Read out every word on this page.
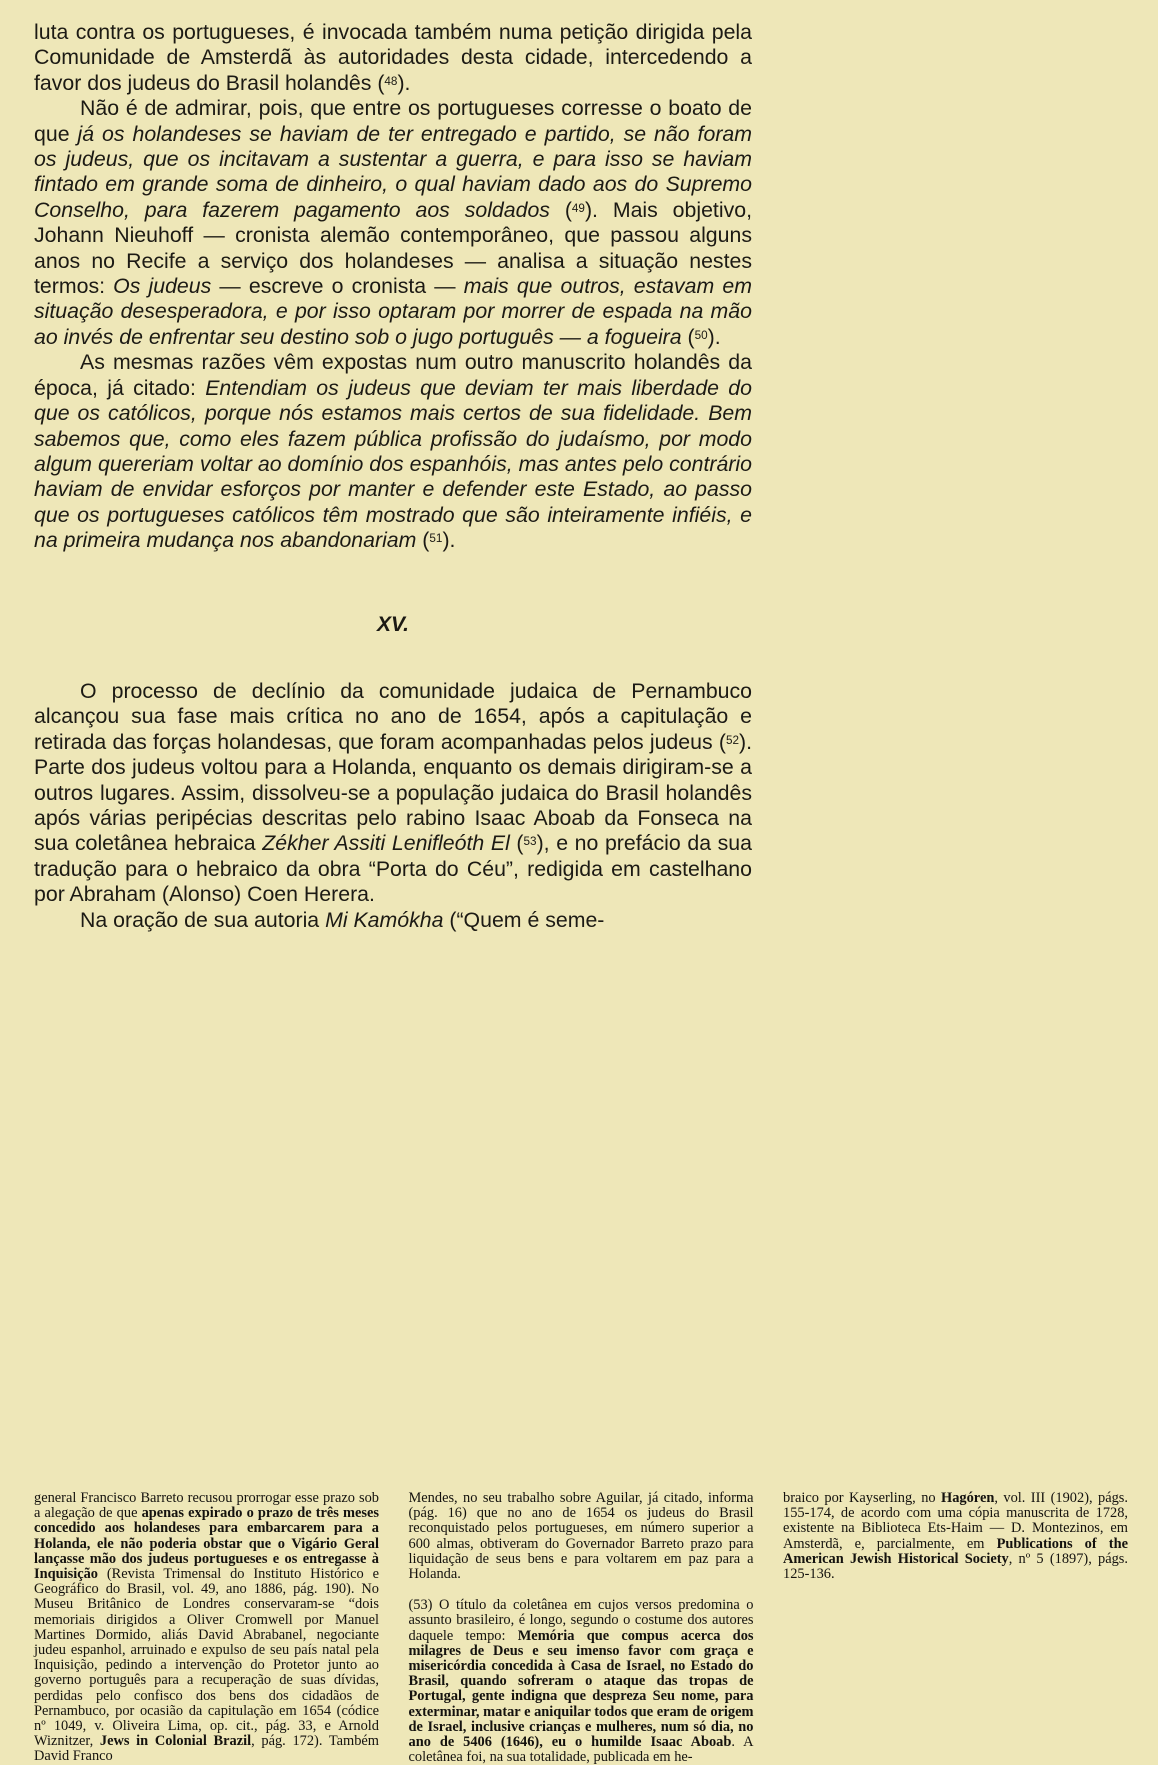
luta contra os portugueses, é invocada também numa petição dirigida pela Comunidade de Amsterdã às autoridades desta cidade, intercedendo a favor dos judeus do Brasil holandês ($^{48}$).

Não é de admirar, pois, que entre os portugueses corresse o boato de que já os holandeses se haviam de ter entregado e partido, se não foram os judeus, que os incitavam a sustentar a guerra, e para isso se haviam fintado em grande soma de dinheiro, o qual haviam dado aos do Supremo Conselho, para fazerem pagamento aos soldados ($^{49}$). Mais objetivo, Johann Nieuhoff — cronista alemão contemporâneo, que passou alguns anos no Recife a serviço dos holandeses — analisa a situação nestes termos: Os judeus — escreve o cronista — mais que outros, estavam em situação desesperadora, e por isso optaram por morrer de espada na mão ao invés de enfrentar seu destino sob o jugo português — a fogueira ($^{50}$).

As mesmas razões vêm expostas num outro manuscrito holandês da época, já citado: Entendiam os judeus que deviam ter mais liberdade do que os católicos, porque nós estamos mais certos de sua fidelidade. Bem sabemos que, como eles fazem pública profissão do judaísmo, por modo algum quereriam voltar ao domínio dos espanhóis, mas antes pelo contrário haviam de envidar esforços por manter e defender este Estado, ao passo que os portugueses católicos têm mostrado que são inteiramente infiéis, e na primeira mudança nos abandonariam ($^{51}$).

XV.

O processo de declínio da comunidade judaica de Pernambuco alcançou sua fase mais crítica no ano de 1654, após a capitulação e retirada das forças holandesas, que foram acompanhadas pelos judeus ($^{52}$). Parte dos judeus voltou para a Holanda, enquanto os demais dirigiram-se a outros lugares. Assim, dissolveu-se a população judaica do Brasil holandês após várias peripécias descritas pelo rabino Isaac Aboab da Fonseca na sua coletânea hebraica Zékher Assiti Lenifleóth El ($^{53}$), e no prefácio da sua tradução para o hebraico da obra “Porta do Céu”, redigida em castelhano por Abraham (Alonso) Coen Herera.

Na oração de sua autoria Mi Kamókha (“Quem é seme-

general Francisco Barreto recusou prorrogar esse prazo sob a alegação de que apenas expirado o prazo de três meses concedido aos holandeses para embarcarem para a Holanda, ele não poderia obstar que o Vigário Geral lançasse mão dos judeus portugueses e os entregasse à Inquisição (Revista Trimensal do Instituto Histórico e Geográfico do Brasil, vol. 49, ano 1886, pág. 190). No Museu Britânico de Londres conservaram-se “dois memoriais dirigidos a Oliver Cromwell por Manuel Martines Dormido, aliás David Abrabanel, negociante judeu espanhol, arruinado e expulso de seu país natal pela Inquisição, pedindo a intervenção do Protetor junto ao governo português para a recuperação de suas dívidas, perdidas pelo confisco dos bens dos cidadãos de Pernambuco, por ocasião da capitulação em 1654 (códice nº 1049, v. Oliveira Lima, op. cit., pág. 33, e Arnold Wiznitzer, Jews in Colonial Brazil, pág. 172). Também David Franco

Mendes, no seu trabalho sobre Aguilar, já citado, informa (pág. 16) que no ano de 1654 os judeus do Brasil reconquistado pelos portugueses, em número superior a 600 almas, obtiveram do Governador Barreto prazo para liquidação de seus bens e para voltarem em paz para a Holanda.

(53) O título da coletânea em cujos versos predomina o assunto brasileiro, é longo, segundo o costume dos autores daquele tempo: Memória que compus acerca dos milagres de Deus e seu imenso favor com graça e misericórdia concedida à Casa de Israel, no Estado do Brasil, quando sofreram o ataque das tropas de Portugal, gente indigna que despreza Seu nome, para exterminar, matar e aniquilar todos que eram de origem de Israel, inclusive crianças e mulheres, num só dia, no ano de 5406 (1646), eu o humilde Isaac Aboab. A coletânea foi, na sua totalidade, publicada em he-

braico por Kayserling, no Hagóren, vol. III (1902), págs. 155-174, de acordo com uma cópia manuscrita de 1728, existente na Biblioteca Ets-Haim — D. Montezinos, em Amsterdã, e, parcialmente, em Publications of the American Jewish Historical Society, nº 5 (1897), págs. 125-136.
